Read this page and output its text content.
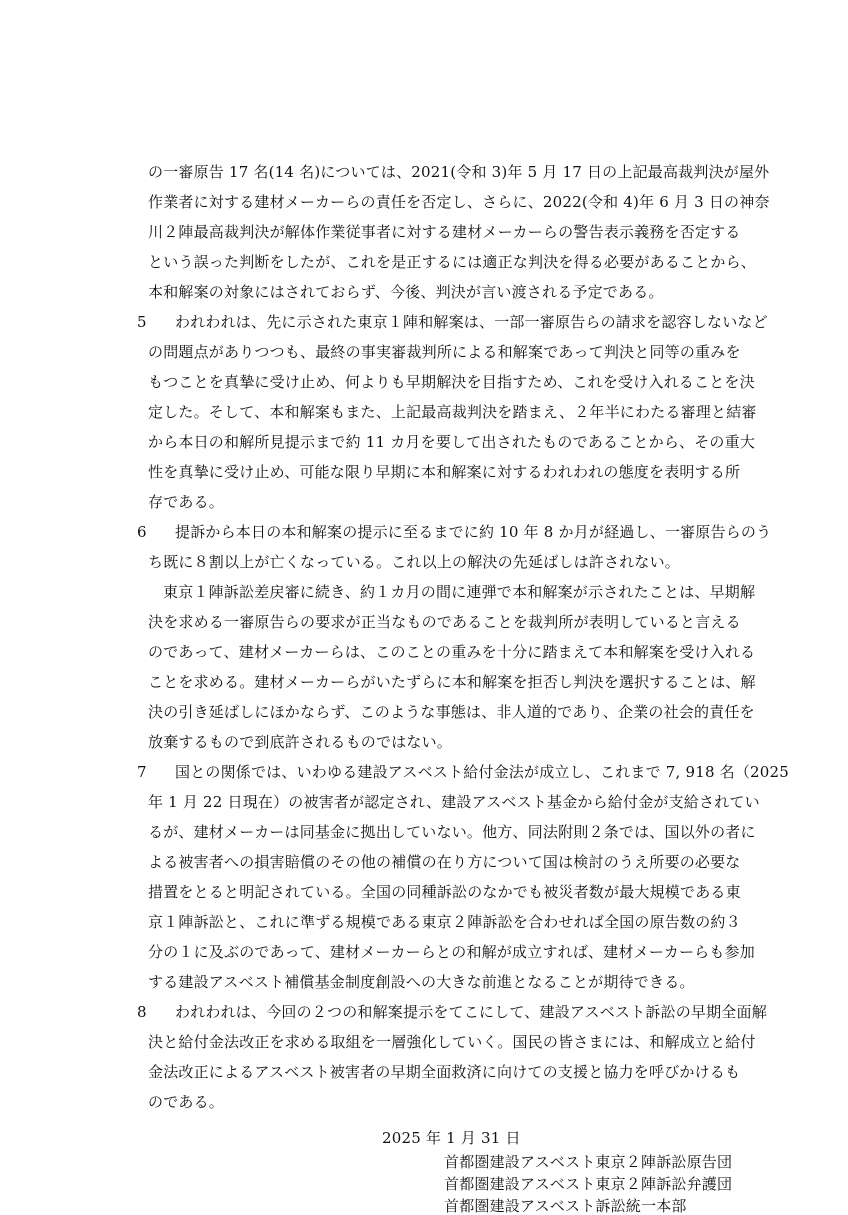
の一審原告 17 名(14 名)については、2021(令和 3)年 5 月 17 日の上記最高裁判決が屋外
作業者に対する建材メーカーらの責任を否定し、さらに、2022(令和 4)年 6 月 3 日の神奈
川２陣最高裁判決が解体作業従事者に対する建材メーカーらの警告表示義務を否定する
という誤った判断をしたが、これを是正するには適正な判決を得る必要があることから、
本和解案の対象にはされておらず、今後、判決が言い渡される予定である。
5 われわれは、先に示された東京１陣和解案は、一部一審原告らの請求を認容しないなど
の問題点がありつつも、最終の事実審裁判所による和解案であって判決と同等の重みを
もつことを真摯に受け止め、何よりも早期解決を目指すため、これを受け入れることを決
定した。そして、本和解案もまた、上記最高裁判決を踏まえ、２年半にわたる審理と結審
から本日の和解所見提示まで約 11 カ月を要して出されたものであることから、その重大
性を真摯に受け止め、可能な限り早期に本和解案に対するわれわれの態度を表明する所
存である。
6 提訴から本日の本和解案の提示に至るまでに約 10 年 8 か月が経過し、一審原告らのう
ち既に８割以上が亡くなっている。これ以上の解決の先延ばしは許されない。
東京１陣訴訟差戻審に続き、約１カ月の間に連弾で本和解案が示されたことは、早期解
決を求める一審原告らの要求が正当なものであることを裁判所が表明していると言える
のであって、建材メーカーらは、このことの重みを十分に踏まえて本和解案を受け入れる
ことを求める。建材メーカーらがいたずらに本和解案を拒否し判決を選択することは、解
決の引き延ばしにほかならず、このような事態は、非人道的であり、企業の社会的責任を
放棄するもので到底許されるものではない。
7 国との関係では、いわゆる建設アスベスト給付金法が成立し、これまで 7, 918 名（2025
年 1 月 22 日現在）の被害者が認定され、建設アスベスト基金から給付金が支給されてい
るが、建材メーカーは同基金に拠出していない。他方、同法附則２条では、国以外の者に
よる被害者への損害賠償のその他の補償の在り方について国は検討のうえ所要の必要な
措置をとると明記されている。全国の同種訴訟のなかでも被災者数が最大規模である東
京１陣訴訟と、これに準ずる規模である東京２陣訴訟を合わせれば全国の原告数の約３
分の１に及ぶのであって、建材メーカーらとの和解が成立すれば、建材メーカーらも参加
する建設アスベスト補償基金制度創設への大きな前進となることが期待できる。
8 われわれは、今回の２つの和解案提示をてこにして、建設アスベスト訴訟の早期全面解
決と給付金法改正を求める取組を一層強化していく。国民の皆さまには、和解成立と給付
金法改正によるアスベスト被害者の早期全面救済に向けての支援と協力を呼びかけるも
のである。
2025 年 1 月 31 日
首都圏建設アスベスト東京２陣訴訟原告団
首都圏建設アスベスト東京２陣訴訟弁護団
首都圏建設アスベスト訴訟統一本部
